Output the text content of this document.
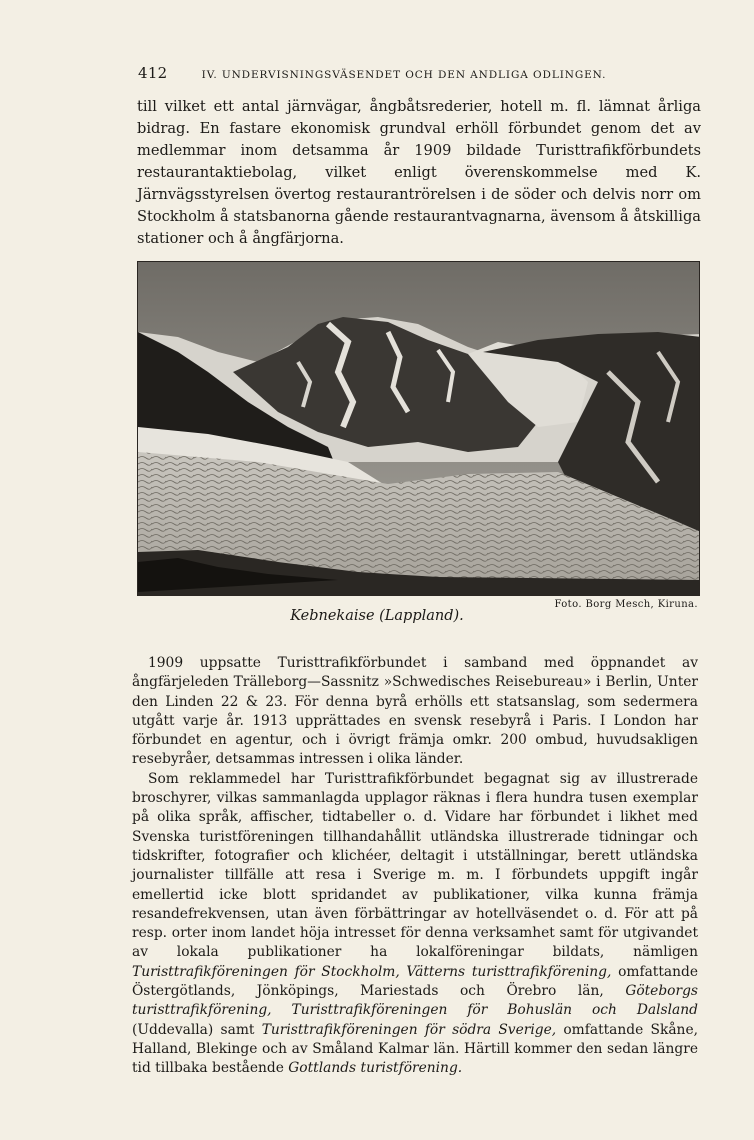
412	IV. UNDERVISNINGSVÄSENDET OCH DEN ANDLIGA ODLINGEN.

till vilket ett antal järnvägar, ångbåtsrederier, hotell m. fl. lämnat årliga bidrag. En fastare ekonomisk grundval erhöll förbundet genom det av medlemmar inom detsamma år 1909 bildade Turisttrafikförbundets restaurantaktiebolag, vilket enligt överenskommelse med K. Järnvägsstyrelsen övertog restaurantrörelsen i de söder och delvis norr om Stockholm å statsbanorna gående restaurantvagnarna, ävensom å åtskilliga stationer och å ångfärjorna.

Foto. Borg Mesch, Kiruna.
Kebnekaise (Lappland).

1909 uppsatte Turisttrafikförbundet i samband med öppnandet av ångfärjeleden Trälleborg—Sassnitz »Schwedisches Reisebureau» i Berlin, Unter den Linden 22 & 23. För denna byrå erhölls ett statsanslag, som sedermera utgått varje år. 1913 upprättades en svensk resebyrå i Paris. I London har förbundet en agentur, och i övrigt främja omkr. 200 ombud, huvudsakligen resebyråer, detsammas intressen i olika länder.

Som reklammedel har Turisttrafikförbundet begagnat sig av illustrerade broschyrer, vilkas sammanlagda upplagor räknas i flera hundra tusen exemplar på olika språk, affischer, tidtabeller o. d. Vidare har förbundet i likhet med Svenska turistföreningen tillhandahållit utländska illustrerade tidningar och tidskrifter, fotografier och klichéer, deltagit i utställningar, berett utländska journalister tillfälle att resa i Sverige m. m. I förbundets uppgift ingår emellertid icke blott spridandet av publikationer, vilka kunna främja resandefrekvensen, utan även förbättringar av hotellväsendet o. d. För att på resp. orter inom landet höja intresset för denna verksamhet samt för utgivandet av lokala publikationer ha lokalföreningar bildats, nämligen Turisttrafikföreningen för Stockholm, Vätterns turisttrafikförening, omfattande Östergötlands, Jönköpings, Mariestads och Örebro län, Göteborgs turisttrafikförening, Turisttrafikföreningen för Bohuslän och Dalsland (Uddevalla) samt Turisttrafikföreningen för södra Sverige, omfattande Skåne, Halland, Blekinge och av Småland Kalmar län. Härtill kommer den sedan längre tid tillbaka bestående Gottlands turistförening.
